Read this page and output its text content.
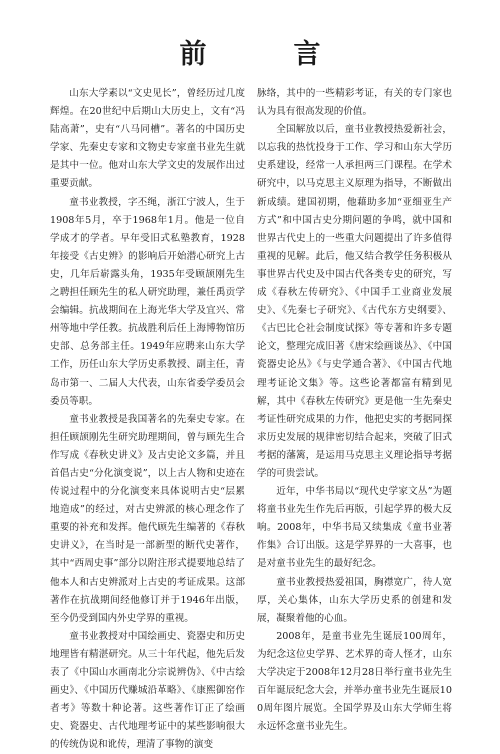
前　言

山东大学素以“文史见长”，曾经历过几度辉煌。在20世纪中后期山大历史上，文有“冯陆高萧”，史有“八马同槽”。著名的中国历史学家、先秦史专家和文物史专家童书业先生就是其中一位。他对山东大学文史的发展作出过重要贡献。

童书业教授，字丕绳，浙江宁波人，生于1908年5月，卒于1968年1月。他是一位自学成才的学者。早年受旧式私塾教育，1928年接受《古史辨》的影响后开始潜心研究上古史，几年后崭露头角，1935年受顾颉刚先生之聘担任顾先生的私人研究助理，兼任禹贡学会编辑。抗战期间在上海光华大学及宜兴、常州等地中学任教。抗战胜利后任上海博物馆历史部、总务部主任。1949年应聘来山东大学工作，历任山东大学历史系教授、副主任，青岛市第一、二届人大代表，山东省委学委员会委员等职。

童书业教授是我国著名的先秦史专家。在担任顾颉刚先生研究助理期间，曾与顾先生合作写成《春秋史讲义》及古史论文多篇，并且首倡古史“分化演变说”，以上古人物和史迹在传说过程中的分化演变来具体说明古史“层累地造成”的经过，对古史辨派的核心理念作了重要的补充和发挥。他代顾先生编著的《春秋史讲义》，在当时是一部新型的断代史著作，其中“西周史事”部分以附注形式提要地总结了他本人和古史辨派对上古史的考证成果。这部著作在抗战期间经他修订并于1946年出版，至今仍受到国内外史学界的重视。

童书业教授对中国绘画史、瓷器史和历史地理皆有精湛研究。从三十年代起，他先后发表了《中国山水画南北分宗说辨伪》、《中古绘画史》、《中国历代赚城沿革略》、《康熙御窑作者考》等数十种论著。这些著作订正了绘画史、瓷器史、古代地理考证中的某些影响很大的传统伪说和讹传，理清了事物的演变

脉络，其中的一些精彩考证，有关的专门家也认为具有很高发现的价值。

全国解放以后，童书业教授热爱新社会，以忘我的热忱投身于工作、学习和山东大学历史系建设，经常一人承担两三门课程。在学术研究中，以马克思主义原理为指导，不断做出新成绩。建国初期，他藉助多加“亚细亚生产方式”和中国古史分期问题的争鸣，就中国和世界古代史上的一些重大问题提出了许多值得重视的见解。此后，他又结合教学任务积极从事世界古代史及中国古代各类专史的研究，写成《春秋左传研究》、《中国手工业商业发展史》、《先秦七子研究》、《古代东方史纲要》、《古巴比仑社会制度试探》等专著和许多专题论文，整理完成旧著《唐宋绘画谈丛》、《中国瓷器史论丛》《与史学通合著》、《中国古代地理考证论文集》等。这些论著都富有精到见解，其中《春秋左传研究》更是他一生先秦史考证性研究成果的力作，他把史实的考据同探求历史发展的规律密切结合起来，突破了旧式考据的藩篱，是运用马克思主义理论指导考据学的可贵尝试。

近年，中华书局以“现代史学家文丛”为题将童书业先生作先后再版，引起学界的极大反响。2008年，中华书局又续集成《童书业著作集》合订出版。这是学界界的一大喜事，也是对童书业先生的最好纪念。

童书业教授热爱祖国，胸襟宽广，待人宽厚，关心集体，山东大学历史系的创建和发展，凝聚着他的心血。

2008年，是童书业先生诞辰100周年，为纪念这位史学界、艺术界的奇人怪才，山东大学决定于2008年12月28日举行童书业先生百年诞辰纪念大会，并举办童书业先生诞辰100周年图片展览。全国学界及山东大学师生将永远怀念童书业先生。
